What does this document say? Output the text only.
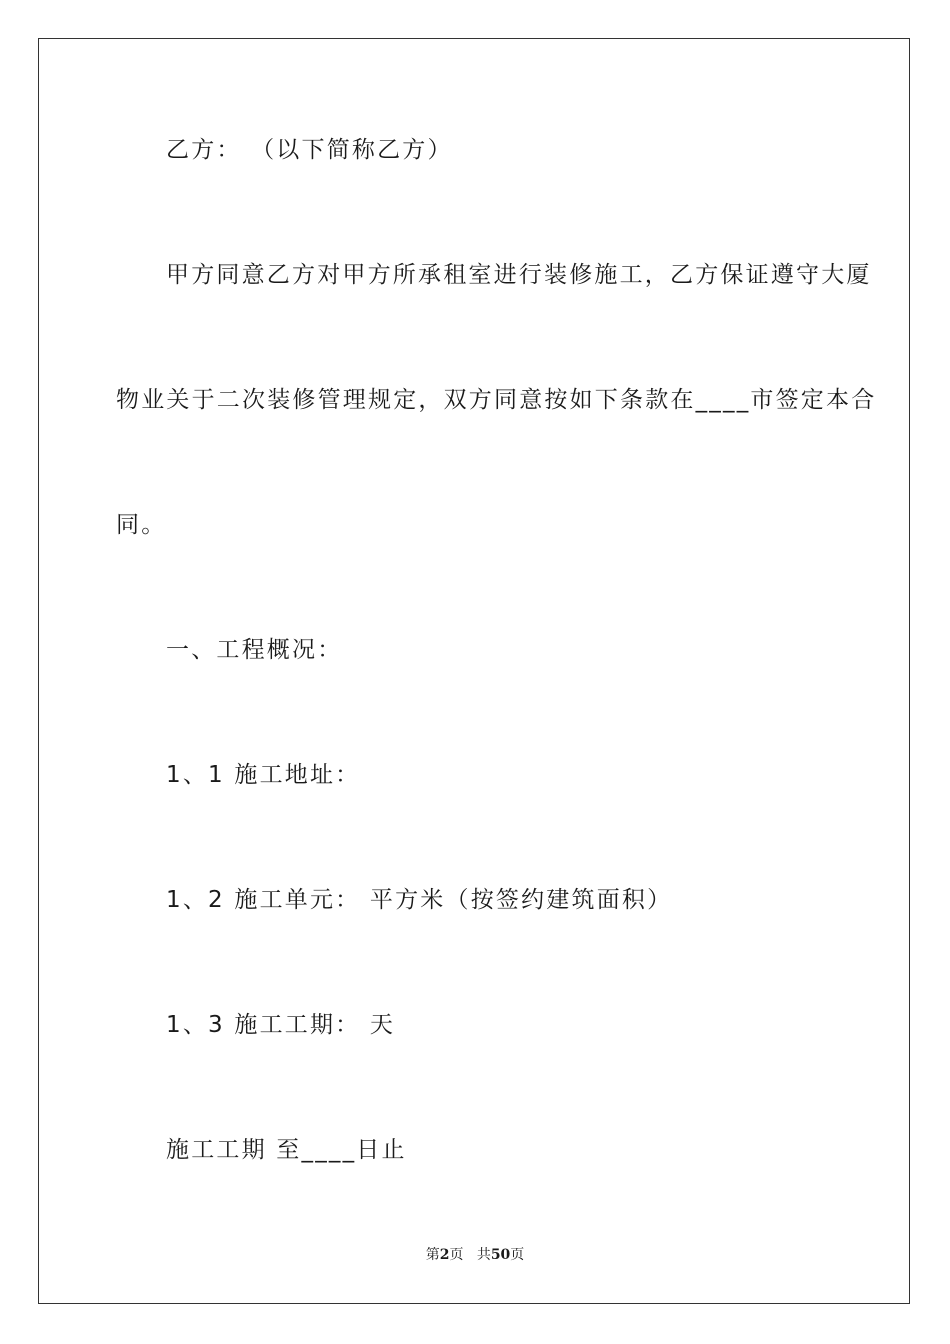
乙方： （以下简称乙方）
甲方同意乙方对甲方所承租室进行装修施工，乙方保证遵守大厦
物业关于二次装修管理规定，双方同意按如下条款在____市签定本合
同。
一、工程概况：
1、1 施工地址：
1、2 施工单元： 平方米（按签约建筑面积）
1、3 施工工期： 天
施工工期 至____日止
第2页 共50页
